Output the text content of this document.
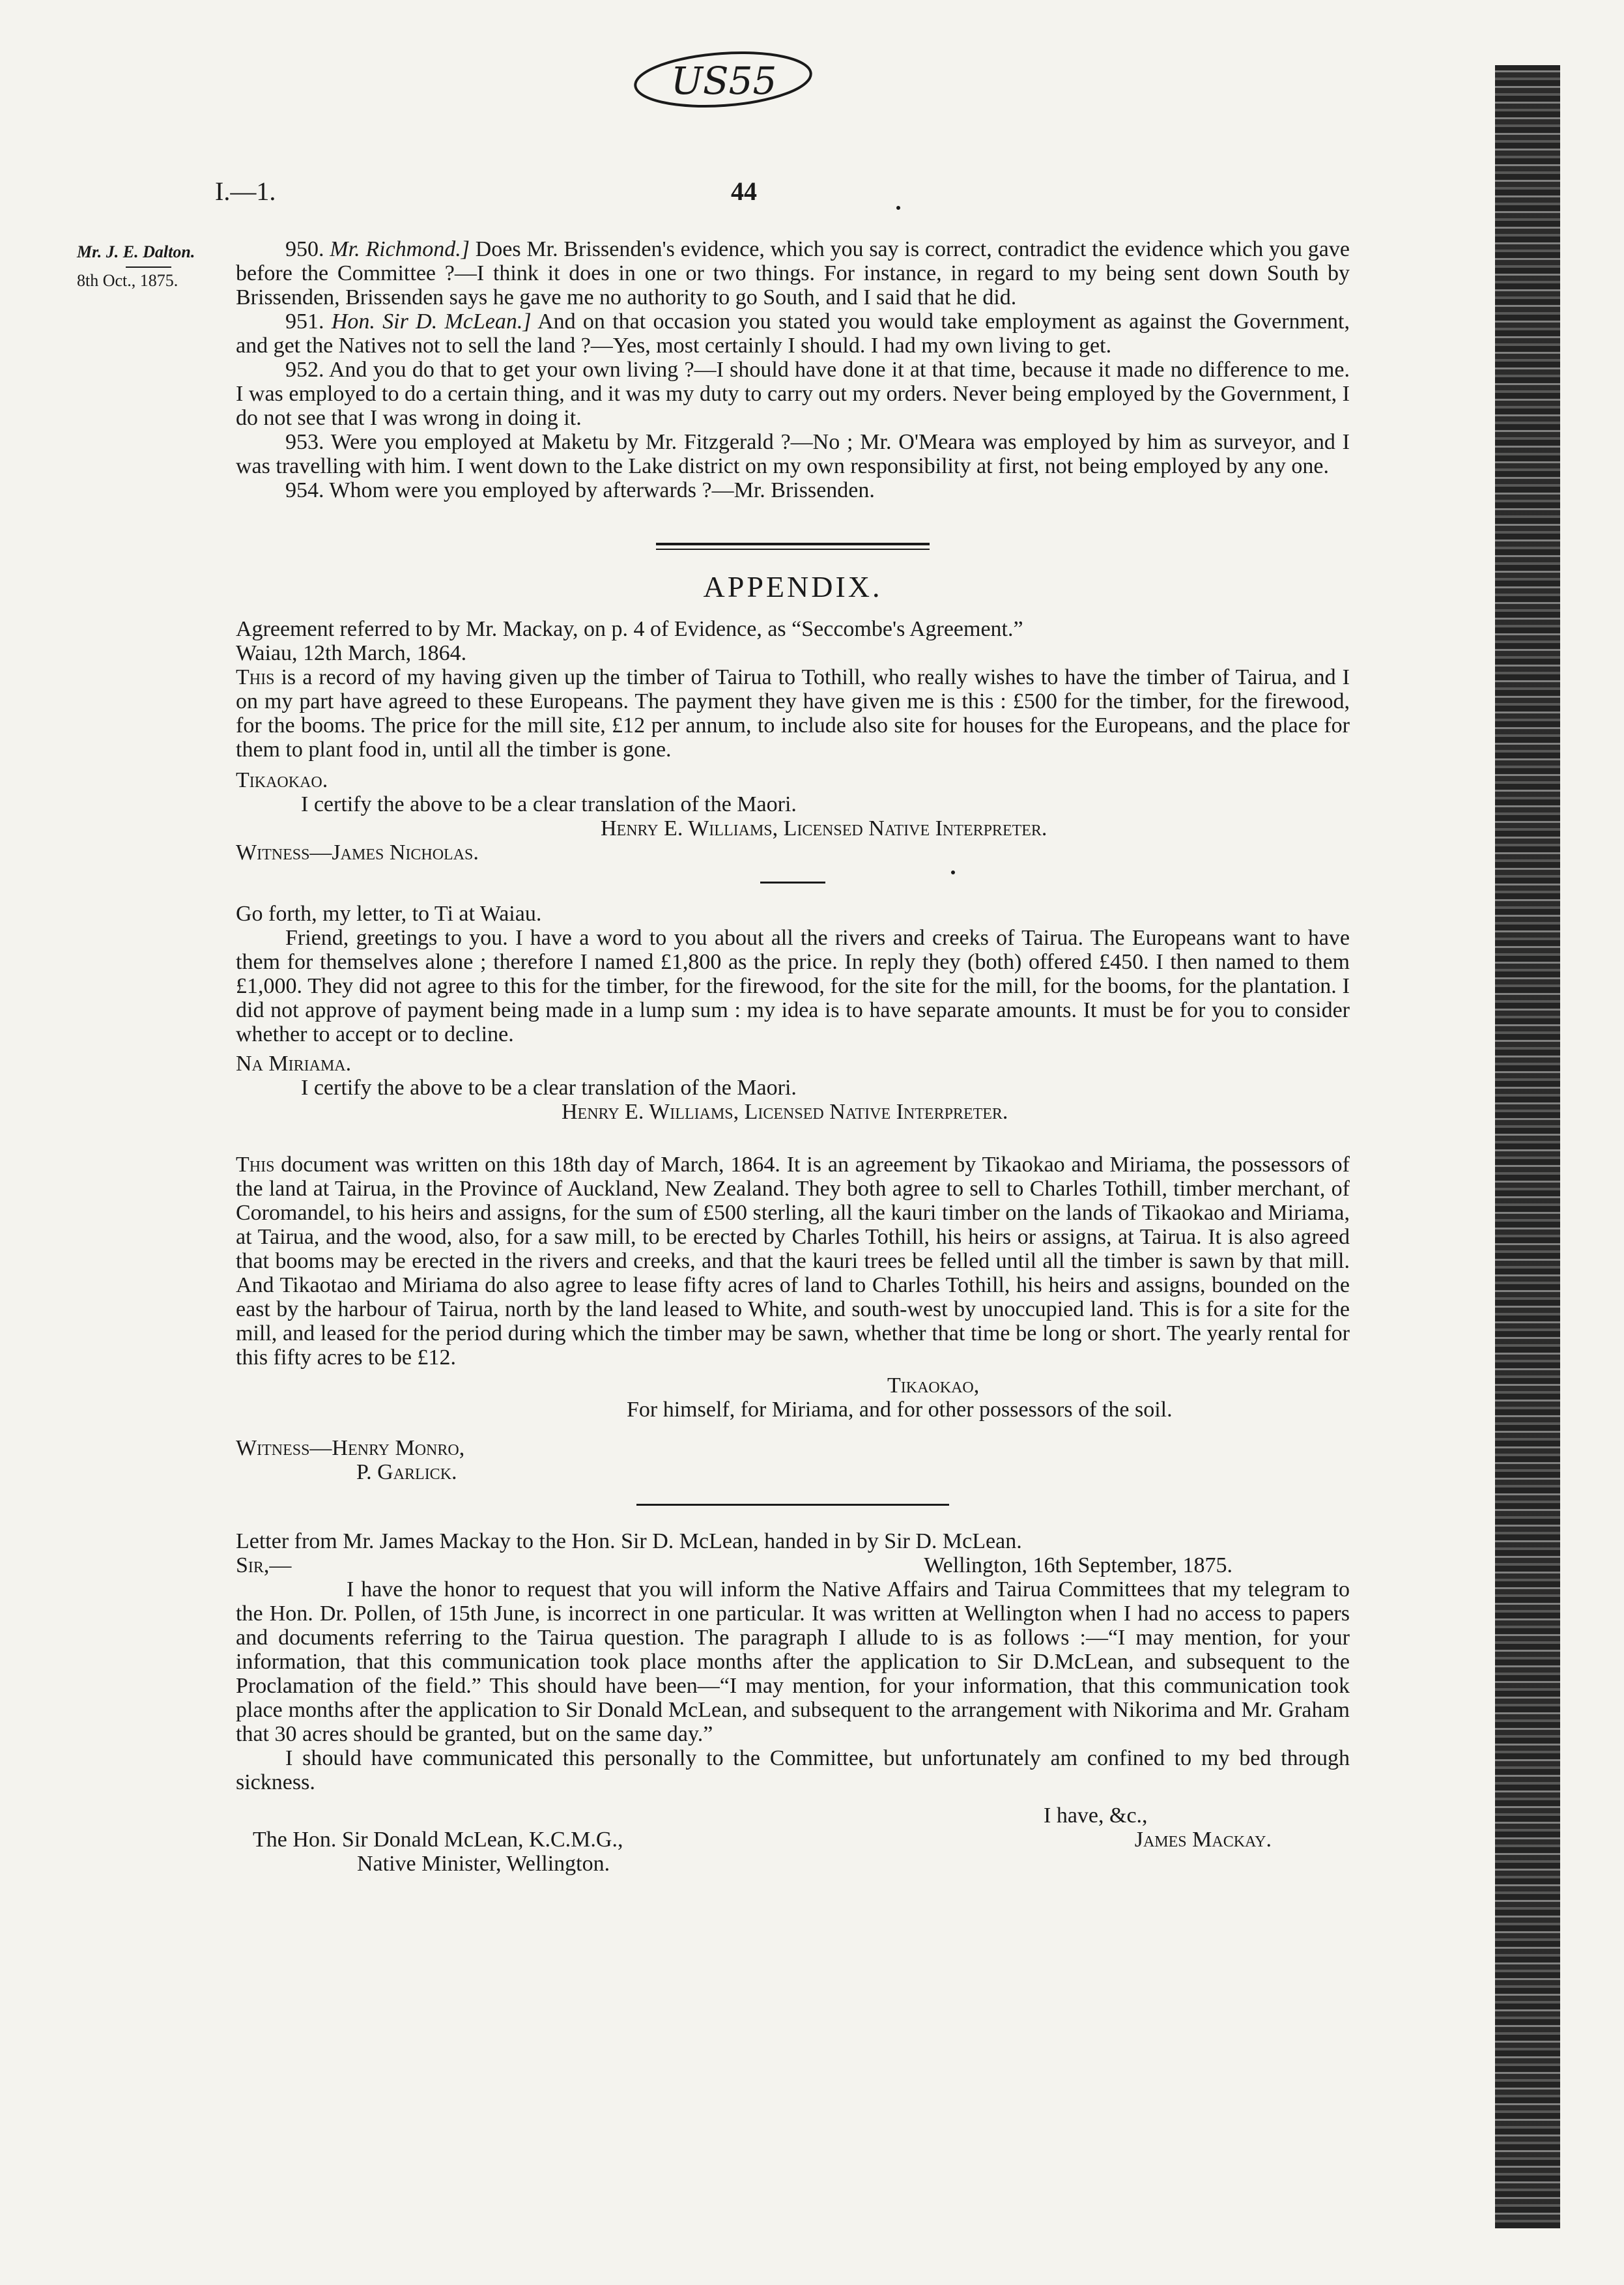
US55
I.—1.	44
Mr. J. E. Dalton.
8th Oct., 1875.

950. Mr. Richmond.] Does Mr. Brissenden's evidence, which you say is correct, contradict the evidence which you gave before the Committee ?—I think it does in one or two things. For instance, in regard to my being sent down South by Brissenden, Brissenden says he gave me no authority to go South, and I said that he did.

951. Hon. Sir D. McLean.] And on that occasion you stated you would take employment as against the Government, and get the Natives not to sell the land ?—Yes, most certainly I should. I had my own living to get.

952. And you do that to get your own living ?—I should have done it at that time, because it made no difference to me. I was employed to do a certain thing, and it was my duty to carry out my orders. Never being employed by the Government, I do not see that I was wrong in doing it.

953. Were you employed at Maketu by Mr. Fitzgerald ?—No ; Mr. O'Meara was employed by him as surveyor, and I was travelling with him. I went down to the Lake district on my own responsibility at first, not being employed by any one.

954. Whom were you employed by afterwards ?—Mr. Brissenden.

APPENDIX.

Agreement referred to by Mr. Mackay, on p. 4 of Evidence, as “Seccombe's Agreement.”

Waiau, 12th March, 1864.

This is a record of my having given up the timber of Tairua to Tothill, who really wishes to have the timber of Tairua, and I on my part have agreed to these Europeans. The payment they have given me is this : £500 for the timber, for the firewood, for the booms. The price for the mill site, £12 per annum, to include also site for houses for the Europeans, and the place for them to plant food in, until all the timber is gone.

Tikaokao.

I certify the above to be a clear translation of the Maori.

Henry E. Williams, Licensed Native Interpreter.

Witness—James Nicholas.

Go forth, my letter, to Ti at Waiau.

Friend, greetings to you. I have a word to you about all the rivers and creeks of Tairua. The Europeans want to have them for themselves alone ; therefore I named £1,800 as the price. In reply they (both) offered £450. I then named to them £1,000. They did not agree to this for the timber, for the firewood, for the site for the mill, for the booms, for the plantation. I did not approve of payment being made in a lump sum : my idea is to have separate amounts. It must be for you to consider whether to accept or to decline.

Na Miriama.

I certify the above to be a clear translation of the Maori.

Henry E. Williams, Licensed Native Interpreter.

This document was written on this 18th day of March, 1864. It is an agreement by Tikaokao and Miriama, the possessors of the land at Tairua, in the Province of Auckland, New Zealand. They both agree to sell to Charles Tothill, timber merchant, of Coromandel, to his heirs and assigns, for the sum of £500 sterling, all the kauri timber on the lands of Tikaokao and Miriama, at Tairua, and the wood, also, for a saw mill, to be erected by Charles Tothill, his heirs or assigns, at Tairua. It is also agreed that booms may be erected in the rivers and creeks, and that the kauri trees be felled until all the timber is sawn by that mill. And Tikaotao and Miriama do also agree to lease fifty acres of land to Charles Tothill, his heirs and assigns, bounded on the east by the harbour of Tairua, north by the land leased to White, and south-west by unoccupied land. This is for a site for the mill, and leased for the period during which the timber may be sawn, whether that time be long or short. The yearly rental for this fifty acres to be £12.

Tikaokao,

For himself, for Miriama, and for other possessors of the soil.

Witness—Henry Monro,

P. Garlick.

Letter from Mr. James Mackay to the Hon. Sir D. McLean, handed in by Sir D. McLean.

Sir,—	Wellington, 16th September, 1875.

I have the honor to request that you will inform the Native Affairs and Tairua Committees that my telegram to the Hon. Dr. Pollen, of 15th June, is incorrect in one particular. It was written at Wellington when I had no access to papers and documents referring to the Tairua question. The paragraph I allude to is as follows :—“I may mention, for your information, that this communication took place months after the application to Sir D.McLean, and subsequent to the Proclamation of the field.” This should have been—“I may mention, for your information, that this communication took place months after the application to Sir Donald McLean, and subsequent to the arrangement with Nikorima and Mr. Graham that 30 acres should be granted, but on the same day.”

I should have communicated this personally to the Committee, but unfortunately am confined to my bed through sickness.

I have, &c.,

The Hon. Sir Donald McLean, K.C.M.G.,	James Mackay.

Native Minister, Wellington.
